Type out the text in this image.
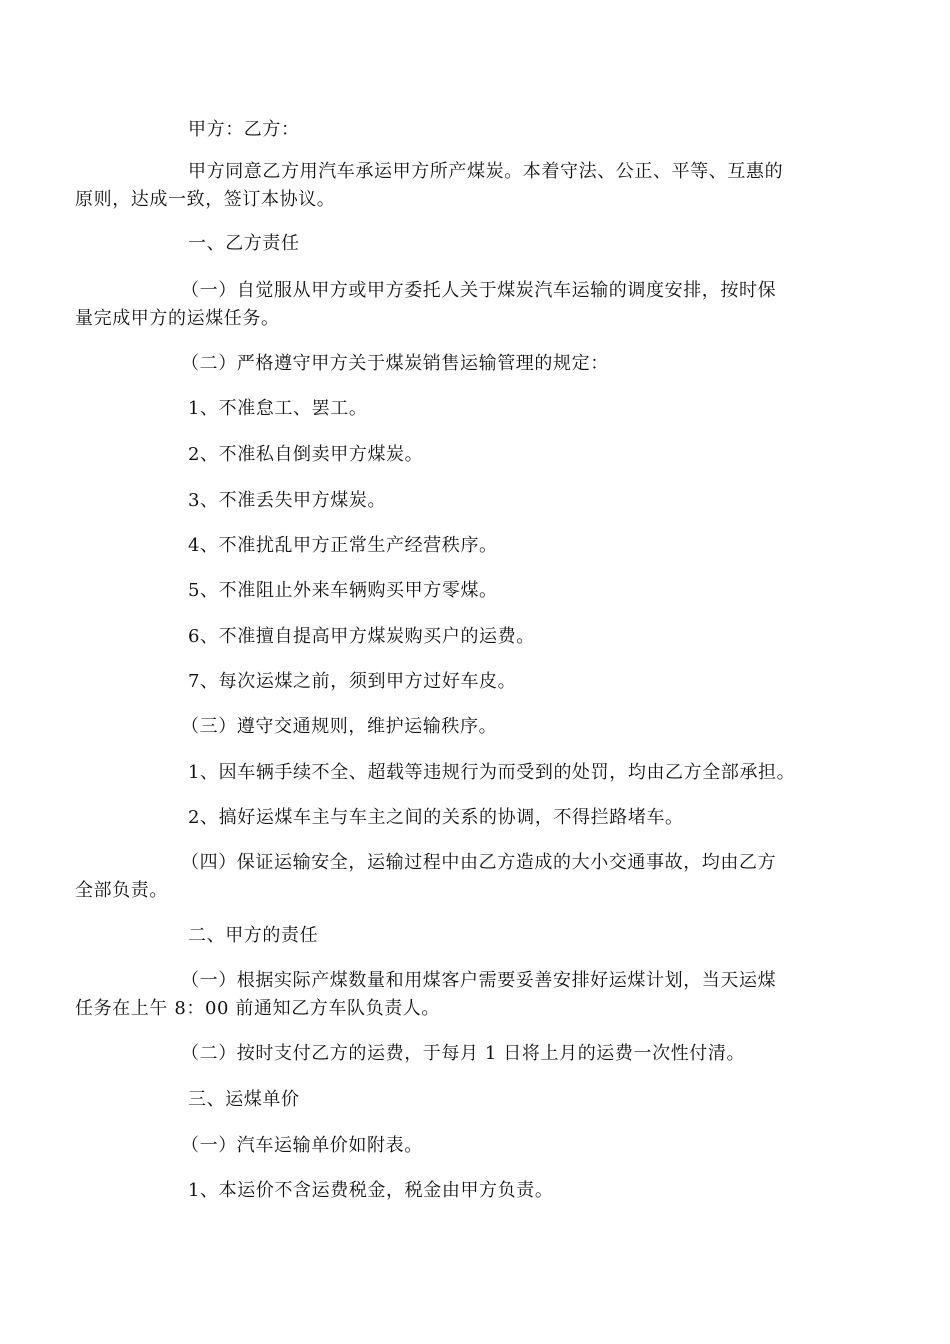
甲方：乙方：
甲方同意乙方用汽车承运甲方所产煤炭。本着守法、公正、平等、互惠的
原则，达成一致，签订本协议。
一、乙方责任
（一）自觉服从甲方或甲方委托人关于煤炭汽车运输的调度安排，按时保
量完成甲方的运煤任务。
（二）严格遵守甲方关于煤炭销售运输管理的规定：
1、不准怠工、罢工。
2、不准私自倒卖甲方煤炭。
3、不准丢失甲方煤炭。
4、不准扰乱甲方正常生产经营秩序。
5、不准阻止外来车辆购买甲方零煤。
6、不准擅自提高甲方煤炭购买户的运费。
7、每次运煤之前，须到甲方过好车皮。
（三）遵守交通规则，维护运输秩序。
1、因车辆手续不全、超载等违规行为而受到的处罚，均由乙方全部承担。
2、搞好运煤车主与车主之间的关系的协调，不得拦路堵车。
（四）保证运输安全，运输过程中由乙方造成的大小交通事故，均由乙方
全部负责。
二、甲方的责任
（一）根据实际产煤数量和用煤客户需要妥善安排好运煤计划，当天运煤
任务在上午 8：00 前通知乙方车队负责人。
（二）按时支付乙方的运费，于每月 1 日将上月的运费一次性付清。
三、运煤单价
（一）汽车运输单价如附表。
1、本运价不含运费税金，税金由甲方负责。
